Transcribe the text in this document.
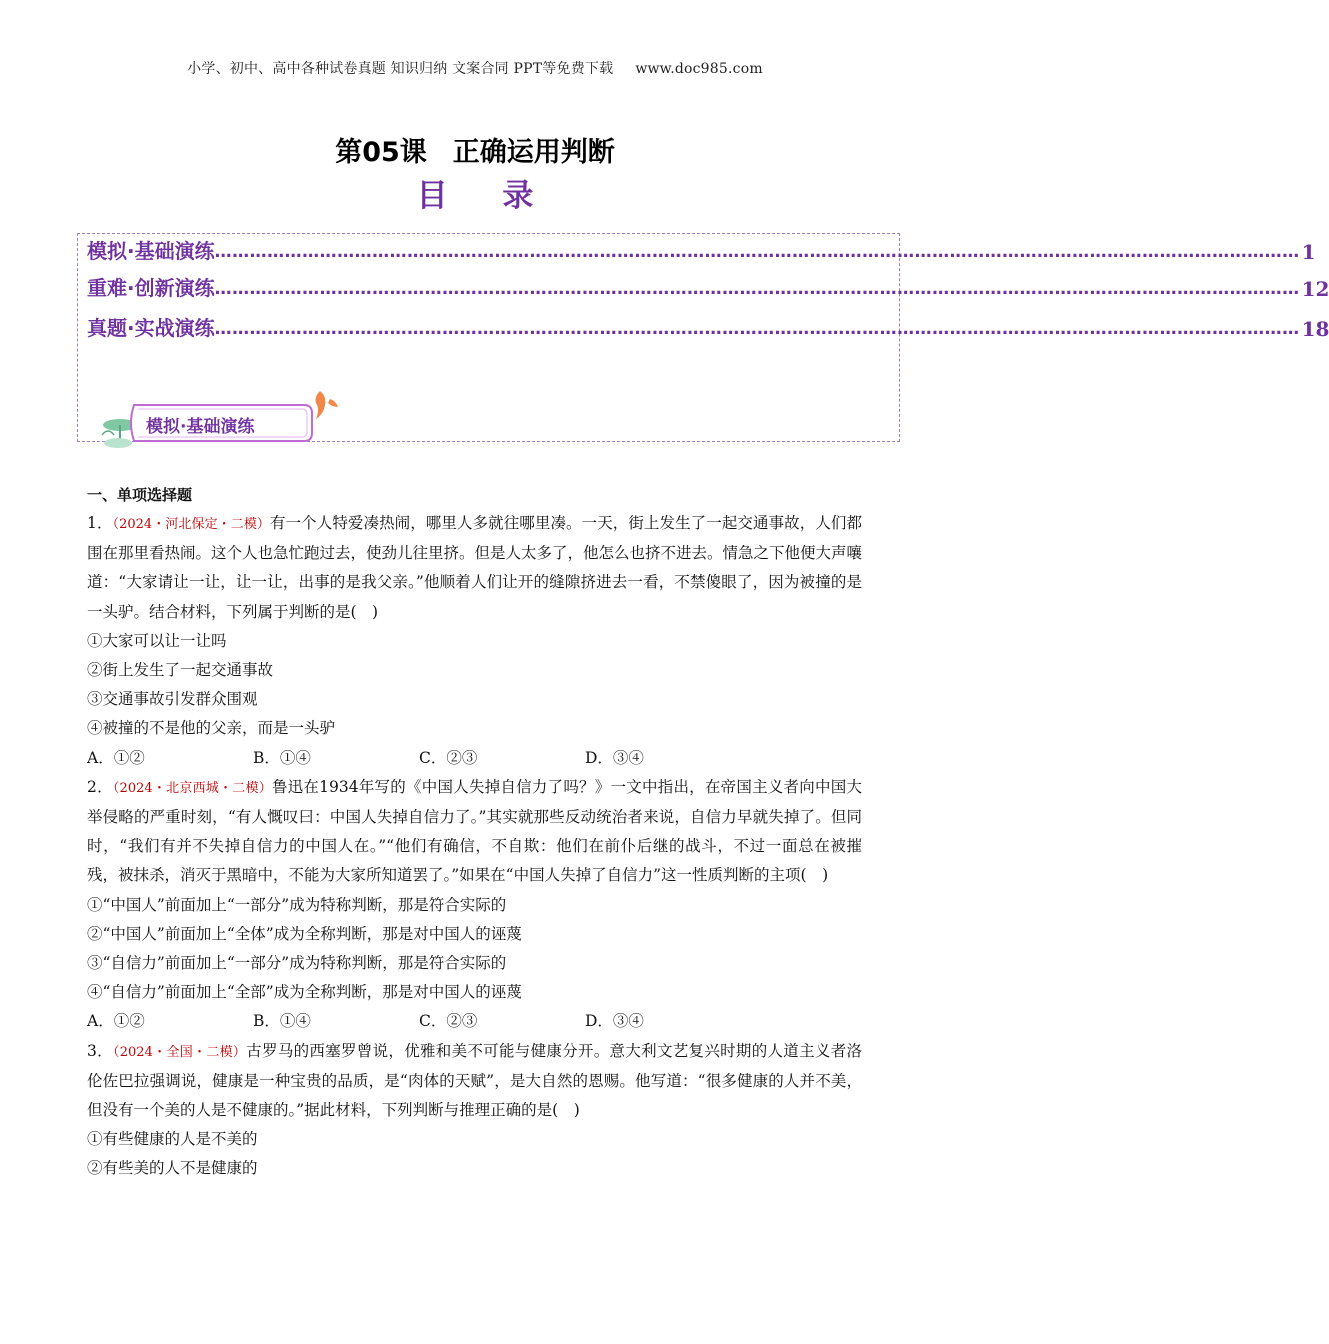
小学、初中、高中各种试卷真题 知识归纳 文案合同 PPT等免费下载 www.doc985.com
第05课 正确运用判断
目 录
模拟·基础演练 …………………………………………………………………………………………………………………………………………………………………… 1
重难·创新演练 …………………………………………………………………………………………………………………………………………………………………… 12
真题·实战演练 …………………………………………………………………………………………………………………………………………………………………… 18
模拟·基础演练
一、单项选择题
1．（2024・河北保定・二模）有一个人特爱凑热闹，哪里人多就往哪里凑。一天，街上发生了一起交通事故，人们都围在那里看热闹。这个人也急忙跑过去，使劲儿往里挤。但是人太多了，他怎么也挤不进去。情急之下他便大声嚷道：“大家请让一让，让一让，出事的是我父亲。”他顺着人们让开的缝隙挤进去一看，不禁傻眼了，因为被撞的是一头驴。结合材料，下列属于判断的是(　)
①大家可以让一让吗
②街上发生了一起交通事故
③交通事故引发群众围观
④被撞的不是他的父亲，而是一头驴
A．①②	B．①④	C．②③	D．③④
2．（2024・北京西城・二模）鲁迅在1934年写的《中国人失掉自信力了吗？》一文中指出，在帝国主义者向中国大举侵略的严重时刻，“有人慨叹曰：中国人失掉自信力了。”其实就那些反动统治者来说，自信力早就失掉了。但同时，“我们有并不失掉自信力的中国人在。”“他们有确信，不自欺：他们在前仆后继的战斗，不过一面总在被摧残，被抹杀，消灭于黑暗中，不能为大家所知道罢了。”如果在“中国人失掉了自信力”这一性质判断的主项(　)
①“中国人”前面加上“一部分”成为特称判断，那是符合实际的
②“中国人”前面加上“全体”成为全称判断，那是对中国人的诬蔑
③“自信力”前面加上“一部分”成为特称判断，那是符合实际的
④“自信力”前面加上“全部”成为全称判断，那是对中国人的诬蔑
A．①②	B．①④	C．②③	D．③④
3．（2024・全国・二模）古罗马的西塞罗曾说，优雅和美不可能与健康分开。意大利文艺复兴时期的人道主义者洛伦佐巴拉强调说，健康是一种宝贵的品质，是“肉体的天赋”，是大自然的恩赐。他写道：“很多健康的人并不美，但没有一个美的人是不健康的。”据此材料，下列判断与推理正确的是(　)
①有些健康的人是不美的
②有些美的人不是健康的
